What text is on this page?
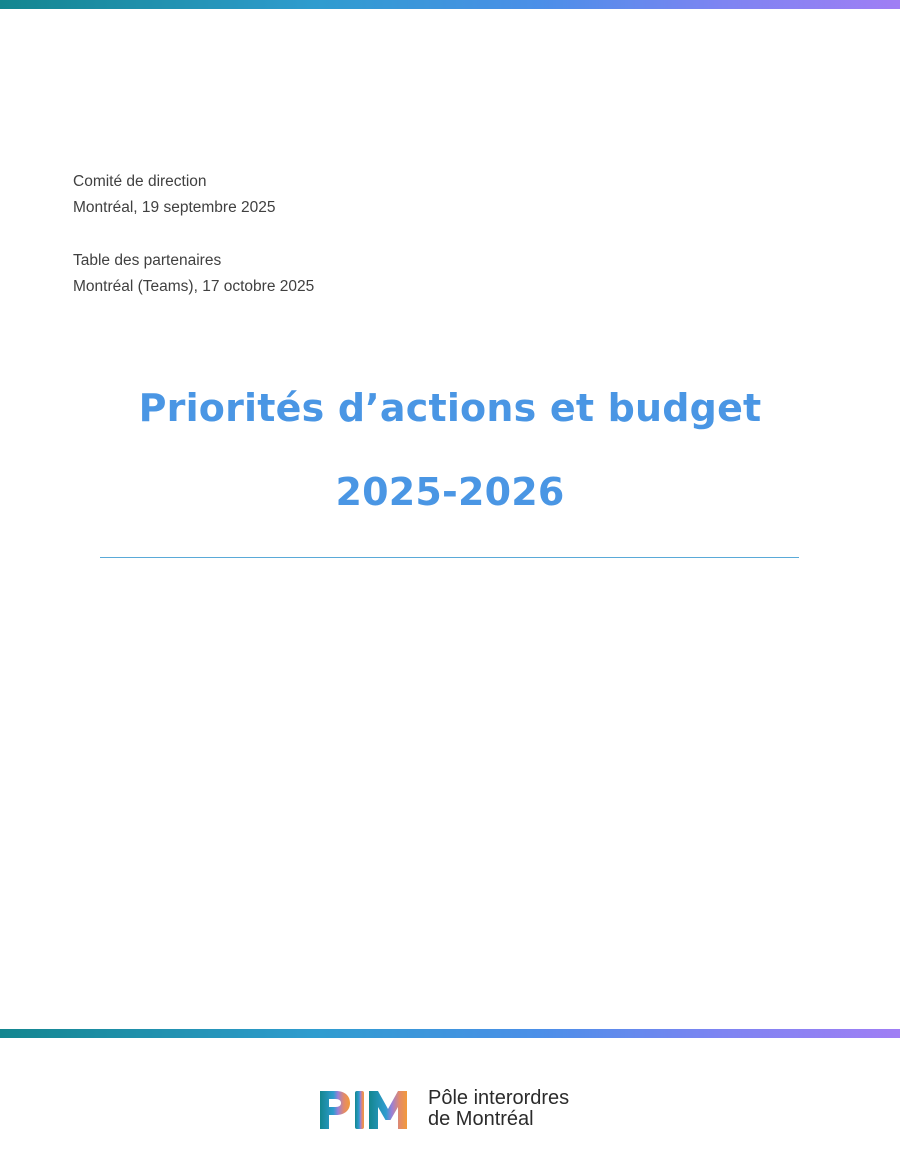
Comité de direction
Montréal, 19 septembre 2025
Table des partenaires
Montréal (Teams), 17 octobre 2025
Priorités d’actions et budget
2025-2026
Pôle interordres
de Montréal
